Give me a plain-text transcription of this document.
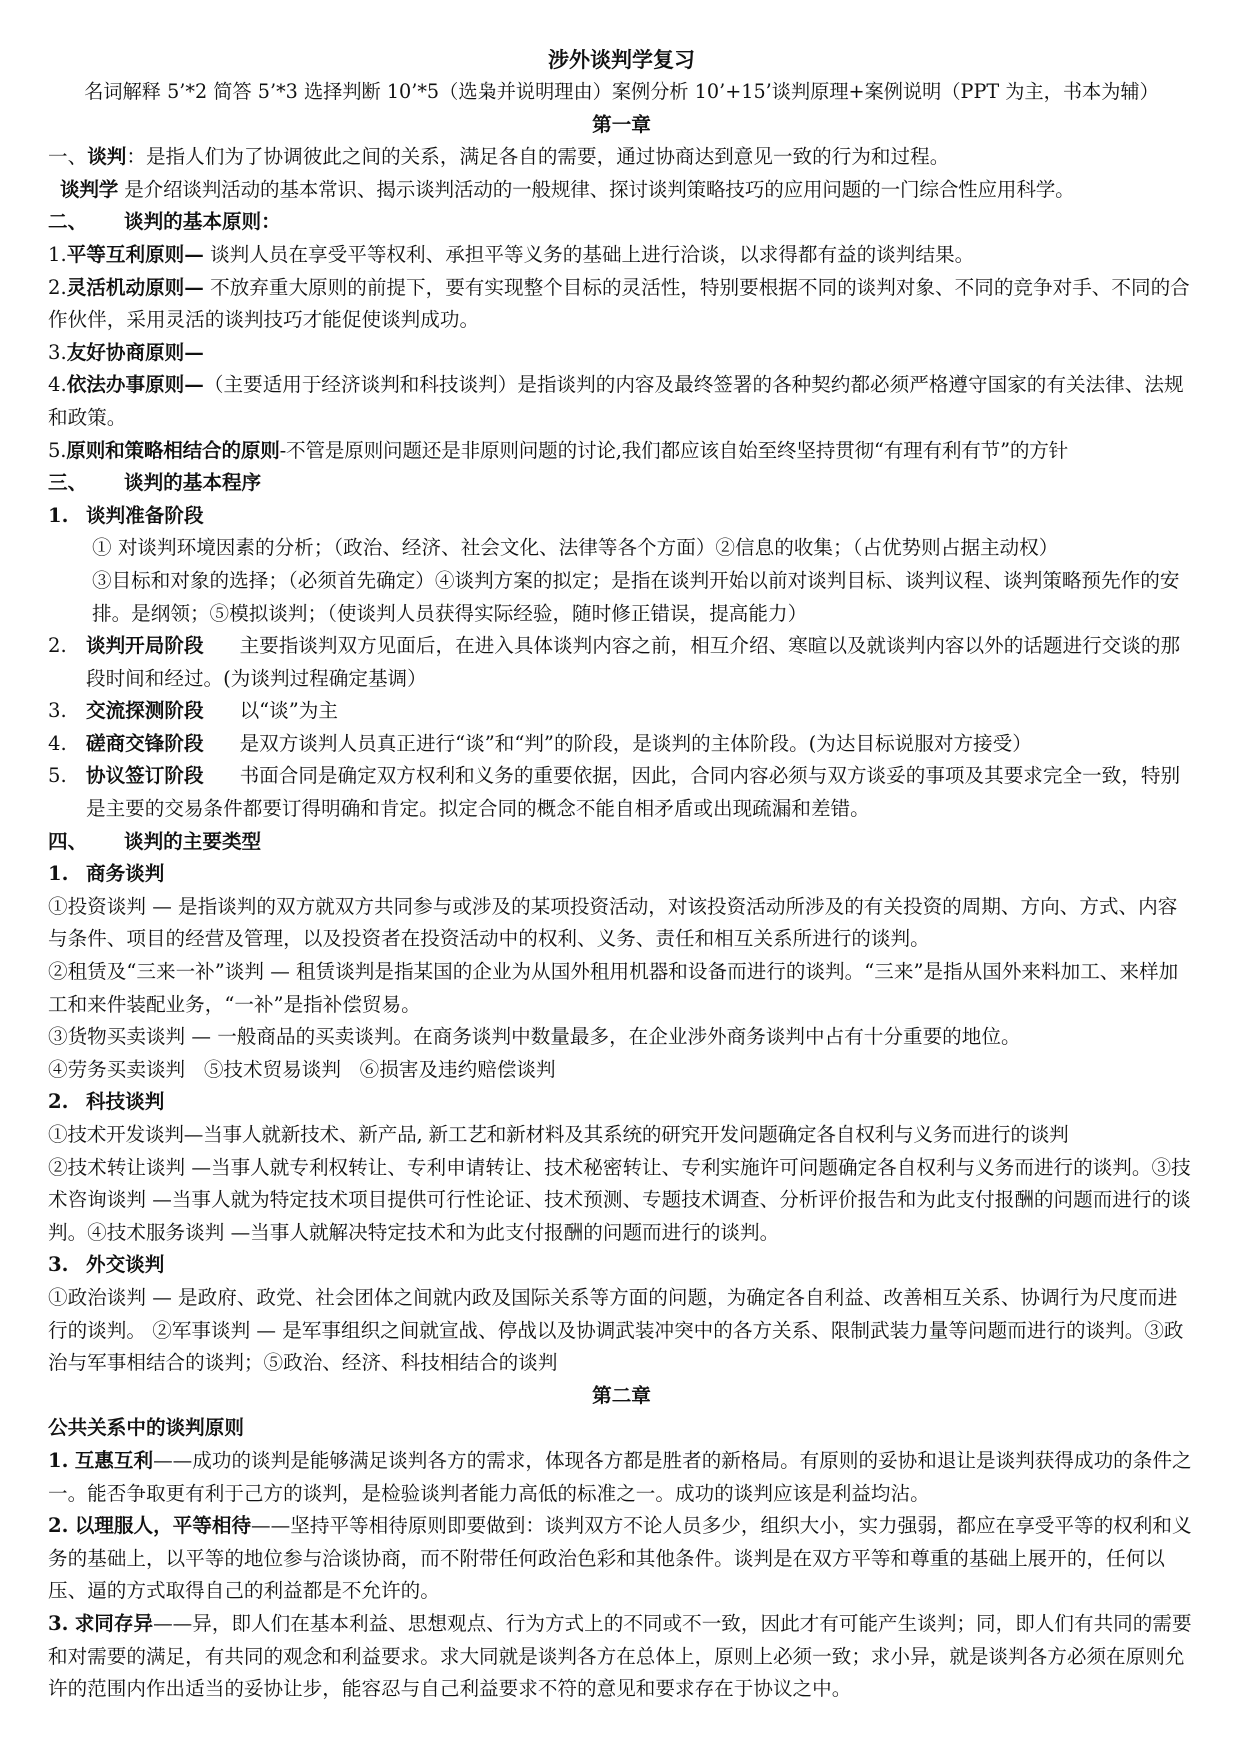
涉外谈判学复习
名词解释 5’*2 简答 5’*3 选择判断 10’*5（选枭并说明理由）案例分析 10’+15’谈判原理+案例说明（PPT 为主，书本为辅）
第一章
一、谈判：是指人们为了协调彼此之间的关系，满足各自的需要，通过协商达到意见一致的行为和过程。
谈判学 是介绍谈判活动的基本常识、揭示谈判活动的一般规律、探讨谈判策略技巧的应用问题的一门综合性应用科学。
二、 谈判的基本原则：
1.平等互利原则— 谈判人员在享受平等权利、承担平等义务的基础上进行洽谈，以求得都有益的谈判结果。
2.灵活机动原则— 不放弃重大原则的前提下，要有实现整个目标的灵活性，特别要根据不同的谈判对象、不同的竞争对手、不同的合作伙伴，采用灵活的谈判技巧才能促使谈判成功。
3.友好协商原则—
4.依法办事原则—（主要适用于经济谈判和科技谈判）是指谈判的内容及最终签署的各种契约都必须严格遵守国家的有关法律、法规和政策。
5.原则和策略相结合的原则-不管是原则问题还是非原则问题的讨论,我们都应该自始至终坚持贯彻“有理有利有节”的方针
三、 谈判的基本程序
1. 谈判准备阶段
① 对谈判环境因素的分析；（政治、经济、社会文化、法律等各个方面）②信息的收集；（占优势则占据主动权）
③目标和对象的选择；（必须首先确定）④谈判方案的拟定；是指在谈判开始以前对谈判目标、谈判议程、谈判策略预先作的安排。是纲领；⑤模拟谈判；（使谈判人员获得实际经验，随时修正错误，提高能力）
2. 谈判开局阶段 主要指谈判双方见面后，在进入具体谈判内容之前，相互介绍、寒暄以及就谈判内容以外的话题进行交谈的那段时间和经过。(为谈判过程确定基调）
3. 交流探测阶段 以“谈”为主
4. 磋商交锋阶段 是双方谈判人员真正进行“谈”和“判”的阶段，是谈判的主体阶段。(为达目标说服对方接受）
5. 协议签订阶段 书面合同是确定双方权利和义务的重要依据，因此，合同内容必须与双方谈妥的事项及其要求完全一致，特别是主要的交易条件都要订得明确和肯定。拟定合同的概念不能自相矛盾或出现疏漏和差错。
四、 谈判的主要类型
1. 商务谈判
①投资谈判 — 是指谈判的双方就双方共同参与或涉及的某项投资活动，对该投资活动所涉及的有关投资的周期、方向、方式、内容与条件、项目的经营及管理，以及投资者在投资活动中的权利、义务、责任和相互关系所进行的谈判。
②租赁及“三来一补”谈判 — 租赁谈判是指某国的企业为从国外租用机器和设备而进行的谈判。“三来”是指从国外来料加工、来样加工和来件装配业务，“一补”是指补偿贸易。
③货物买卖谈判 — 一般商品的买卖谈判。在商务谈判中数量最多，在企业涉外商务谈判中占有十分重要的地位。
④劳务买卖谈判   ⑤技术贸易谈判   ⑥损害及违约赔偿谈判
2. 科技谈判
①技术开发谈判—当事人就新技术、新产品, 新工艺和新材料及其系统的研究开发问题确定各自权利与义务而进行的谈判
②技术转让谈判 —当事人就专利权转让、专利申请转让、技术秘密转让、专利实施许可问题确定各自权利与义务而进行的谈判。③技术咨询谈判 —当事人就为特定技术项目提供可行性论证、技术预测、专题技术调查、分析评价报告和为此支付报酬的问题而进行的谈判。④技术服务谈判 —当事人就解决特定技术和为此支付报酬的问题而进行的谈判。
3. 外交谈判
①政治谈判 — 是政府、政党、社会团体之间就内政及国际关系等方面的问题，为确定各自利益、改善相互关系、协调行为尺度而进行的谈判。 ②军事谈判 — 是军事组织之间就宣战、停战以及协调武装冲突中的各方关系、限制武装力量等问题而进行的谈判。③政治与军事相结合的谈判；⑤政治、经济、科技相结合的谈判
第二章
公共关系中的谈判原则
1. 互惠互利——成功的谈判是能够满足谈判各方的需求，体现各方都是胜者的新格局。有原则的妥协和退让是谈判获得成功的条件之一。能否争取更有利于己方的谈判，是检验谈判者能力高低的标准之一。成功的谈判应该是利益均沾。
2. 以理服人，平等相待——坚持平等相待原则即要做到：谈判双方不论人员多少，组织大小，实力强弱，都应在享受平等的权利和义务的基础上，以平等的地位参与洽谈协商，而不附带任何政治色彩和其他条件。谈判是在双方平等和尊重的基础上展开的，任何以压、逼的方式取得自己的利益都是不允许的。
3. 求同存异——异，即人们在基本利益、思想观点、行为方式上的不同或不一致，因此才有可能产生谈判；同，即人们有共同的需要和对需要的满足，有共同的观念和利益要求。求大同就是谈判各方在总体上，原则上必须一致；求小异，就是谈判各方必须在原则允许的范围内作出适当的妥协让步，能容忍与自己利益要求不符的意见和要求存在于协议之中。
